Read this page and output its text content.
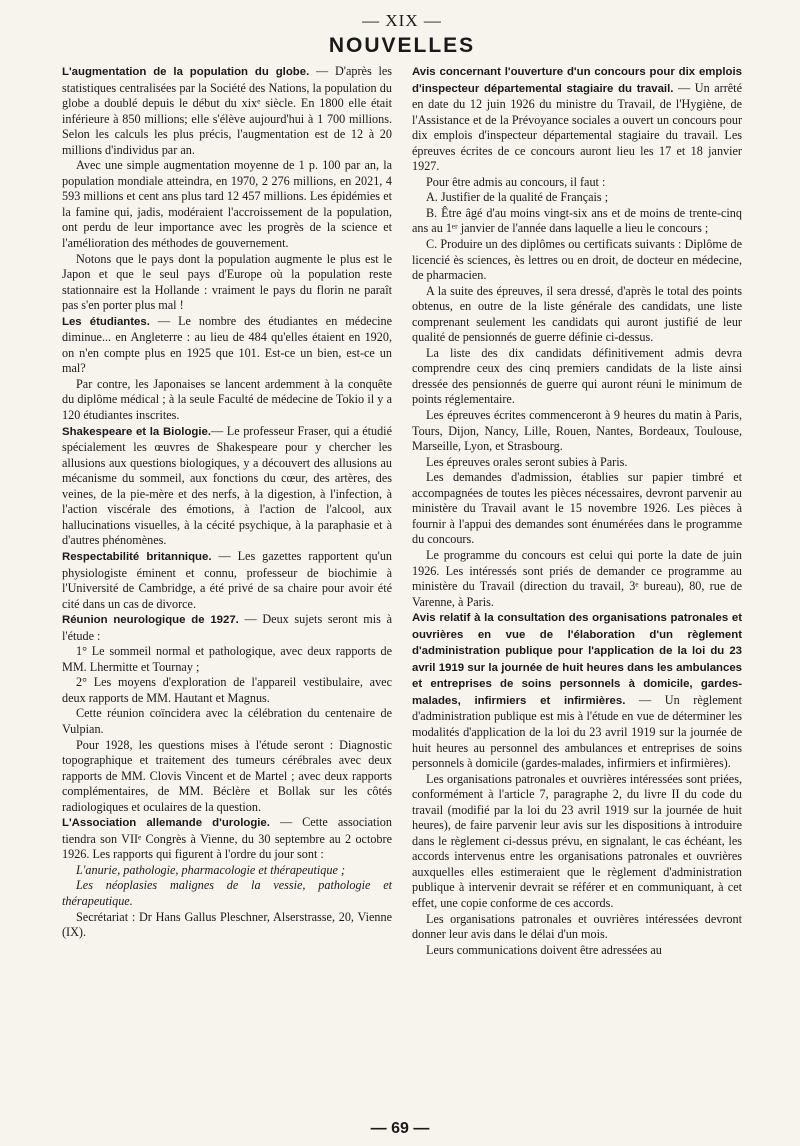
— XIX —
NOUVELLES

L'augmentation de la population du globe. — D'après les statistiques centralisées par la Société des Nations, la population du globe a doublé depuis le début du xixᵉ siècle. En 1800 elle était inférieure à 850 millions; elle s'élève aujourd'hui à 1 700 millions. Selon les calculs les plus précis, l'augmentation est de 12 à 20 millions d'individus par an.

Avec une simple augmentation moyenne de 1 p. 100 par an, la population mondiale atteindra, en 1970, 2 276 millions, en 2021, 4 593 millions et cent ans plus tard 12 457 millions. Les épidémies et la famine qui, jadis, modéraient l'accroissement de la population, ont perdu de leur importance avec les progrès de la science et l'amélioration des méthodes de gouvernement.

Notons que le pays dont la population augmente le plus est le Japon et que le seul pays d'Europe où la population reste stationnaire est la Hollande : vraiment le pays du florin ne paraît pas s'en porter plus mal !

Les étudiantes. — Le nombre des étudiantes en médecine diminue... en Angleterre : au lieu de 484 qu'elles étaient en 1920, on n'en compte plus en 1925 que 101. Est-ce un bien, est-ce un mal?

Par contre, les Japonaises se lancent ardemment à la conquête du diplôme médical ; à la seule Faculté de médecine de Tokio il y a 120 étudiantes inscrites.

Shakespeare et la Biologie.— Le professeur Fraser, qui a étudié spécialement les œuvres de Shakespeare pour y chercher les allusions aux questions biologiques, y a découvert des allusions au mécanisme du sommeil, aux fonctions du cœur, des artères, des veines, de la pie-mère et des nerfs, à la digestion, à l'infection, à l'action viscérale des émotions, à l'action de l'alcool, aux hallucinations visuelles, à la cécité psychique, à la paraphasie et à d'autres phénomènes.

Respectabilité britannique. — Les gazettes rapportent qu'un physiologiste éminent et connu, professeur de biochimie à l'Université de Cambridge, a été privé de sa chaire pour avoir été cité dans un cas de divorce.

Réunion neurologique de 1927. — Deux sujets seront mis à l'étude :

1° Le sommeil normal et pathologique, avec deux rapports de MM. Lhermitte et Tournay ;

2° Les moyens d'exploration de l'appareil vestibulaire, avec deux rapports de MM. Hautant et Magnus.

Cette réunion coïncidera avec la célébration du centenaire de Vulpian.

Pour 1928, les questions mises à l'étude seront : Diagnostic topographique et traitement des tumeurs cérébrales avec deux rapports de MM. Clovis Vincent et de Martel ; avec deux rapports complémentaires, de MM. Béclère et Bollak sur les côtés radiologiques et oculaires de la question.

L'Association allemande d'urologie. — Cette association tiendra son VIIᵉ Congrès à Vienne, du 30 septembre au 2 octobre 1926. Les rapports qui figurent à l'ordre du jour sont :

L'anurie, pathologie, pharmacologie et thérapeutique ;

Les néoplasies malignes de la vessie, pathologie et thérapeutique.

Secrétariat : Dr Hans Gallus Pleschner, Alserstrasse, 20, Vienne (IX).

Avis concernant l'ouverture d'un concours pour dix emplois d'inspecteur départemental stagiaire du travail. — Un arrêté en date du 12 juin 1926 du ministre du Travail, de l'Hygiène, de l'Assistance et de la Prévoyance sociales a ouvert un concours pour dix emplois d'inspecteur départemental stagiaire du travail. Les épreuves écrites de ce concours auront lieu les 17 et 18 janvier 1927.

Pour être admis au concours, il faut :

A. Justifier de la qualité de Français ;

B. Être âgé d'au moins vingt-six ans et de moins de trente-cinq ans au 1ᵉʳ janvier de l'année dans laquelle a lieu le concours ;

C. Produire un des diplômes ou certificats suivants : Diplôme de licencié ès sciences, ès lettres ou en droit, de docteur en médecine, de pharmacien.

A la suite des épreuves, il sera dressé, d'après le total des points obtenus, en outre de la liste générale des candidats, une liste comprenant seulement les candidats qui auront justifié de leur qualité de pensionnés de guerre définie ci-dessus.

La liste des dix candidats définitivement admis devra comprendre ceux des cinq premiers candidats de la liste ainsi dressée des pensionnés de guerre qui auront réuni le minimum de points réglementaire.

Les épreuves écrites commenceront à 9 heures du matin à Paris, Tours, Dijon, Nancy, Lille, Rouen, Nantes, Bordeaux, Toulouse, Marseille, Lyon, et Strasbourg.

Les épreuves orales seront subies à Paris.

Les demandes d'admission, établies sur papier timbré et accompagnées de toutes les pièces nécessaires, devront parvenir au ministère du Travail avant le 15 novembre 1926. Les pièces à fournir à l'appui des demandes sont énumérées dans le programme du concours.

Le programme du concours est celui qui porte la date de juin 1926. Les intéressés sont priés de demander ce programme au ministère du Travail (direction du travail, 3ᵉ bureau), 80, rue de Varenne, à Paris.

Avis relatif à la consultation des organisations patronales et ouvrières en vue de l'élaboration d'un règlement d'administration publique pour l'application de la loi du 23 avril 1919 sur la journée de huit heures dans les ambulances et entreprises de soins personnels à domicile, gardes-malades, infirmiers et infirmières. — Un règlement d'administration publique est mis à l'étude en vue de déterminer les modalités d'application de la loi du 23 avril 1919 sur la journée de huit heures au personnel des ambulances et entreprises de soins personnels à domicile (gardes-malades, infirmiers et infirmières).

Les organisations patronales et ouvrières intéressées sont priées, conformément à l'article 7, paragraphe 2, du livre II du code du travail (modifié par la loi du 23 avril 1919 sur la journée de huit heures), de faire parvenir leur avis sur les dispositions à introduire dans le règlement ci-dessus prévu, en signalant, le cas échéant, les accords intervenus entre les organisations patronales et ouvrières auxquelles elles estimeraient que le règlement d'administration publique à intervenir devrait se référer et en communiquant, à cet effet, une copie conforme de ces accords.

Les organisations patronales et ouvrières intéressées devront donner leur avis dans le délai d'un mois.

Leurs communications doivent être adressées au

— 69 —
